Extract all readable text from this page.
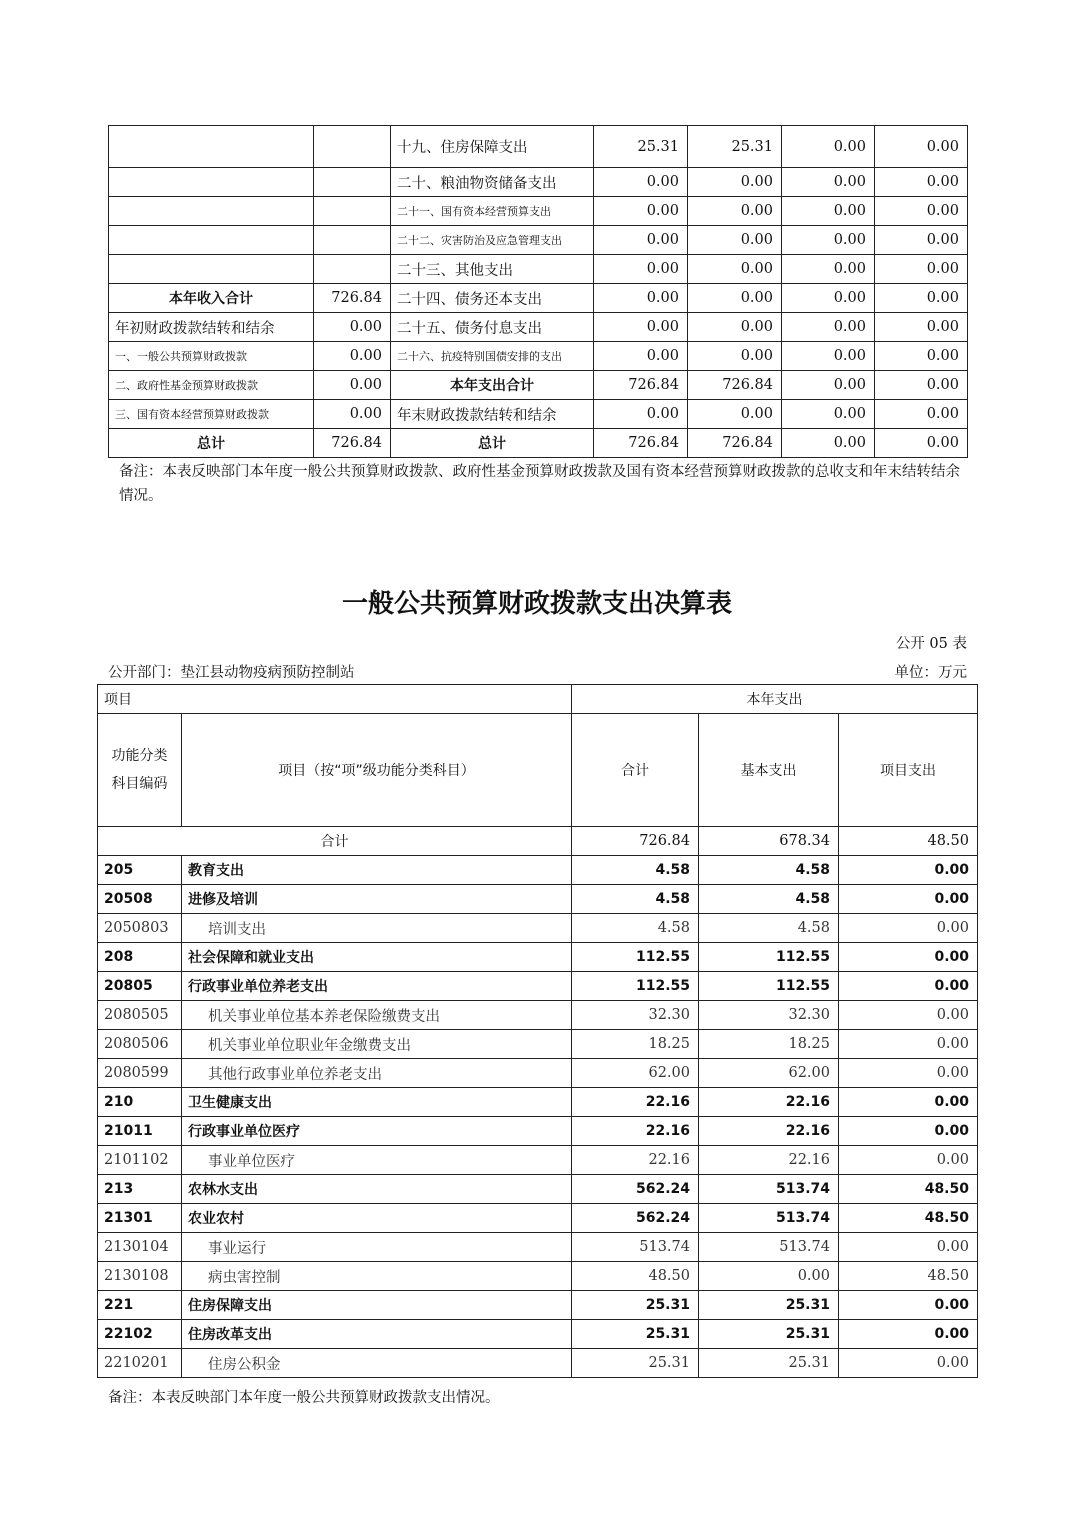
		十九、住房保障支出	25.31	25.31	0.00	0.00
		二十、粮油物资储备支出	0.00	0.00	0.00	0.00
		二十一、国有资本经营预算支出	0.00	0.00	0.00	0.00
		二十二、灾害防治及应急管理支出	0.00	0.00	0.00	0.00
		二十三、其他支出	0.00	0.00	0.00	0.00
本年收入合计	726.84	二十四、债务还本支出	0.00	0.00	0.00	0.00
年初财政拨款结转和结余	0.00	二十五、债务付息支出	0.00	0.00	0.00	0.00
一、一般公共预算财政拨款	0.00	二十六、抗疫特别国债安排的支出	0.00	0.00	0.00	0.00
二、政府性基金预算财政拨款	0.00	本年支出合计	726.84	726.84	0.00	0.00
三、国有资本经营预算财政拨款	0.00	年末财政拨款结转和结余	0.00	0.00	0.00	0.00
总计	726.84	总计	726.84	726.84	0.00	0.00
备注：本表反映部门本年度一般公共预算财政拨款、政府性基金预算财政拨款及国有资本经营预算财政拨款的总收支和年末结转结余情况。
一般公共预算财政拨款支出决算表
公开 05 表
公开部门：垫江县动物疫病预防控制站	单位：万元
项目		本年支出		
功能分类科目编码	项目（按“项”级功能分类科目）	合计	基本支出	项目支出
合计		726.84	678.34	48.50
205	教育支出	4.58	4.58	0.00
20508	进修及培训	4.58	4.58	0.00
2050803	培训支出	4.58	4.58	0.00
208	社会保障和就业支出	112.55	112.55	0.00
20805	行政事业单位养老支出	112.55	112.55	0.00
2080505	机关事业单位基本养老保险缴费支出	32.30	32.30	0.00
2080506	机关事业单位职业年金缴费支出	18.25	18.25	0.00
2080599	其他行政事业单位养老支出	62.00	62.00	0.00
210	卫生健康支出	22.16	22.16	0.00
21011	行政事业单位医疗	22.16	22.16	0.00
2101102	事业单位医疗	22.16	22.16	0.00
213	农林水支出	562.24	513.74	48.50
21301	农业农村	562.24	513.74	48.50
2130104	事业运行	513.74	513.74	0.00
2130108	病虫害控制	48.50	0.00	48.50
221	住房保障支出	25.31	25.31	0.00
22102	住房改革支出	25.31	25.31	0.00
2210201	住房公积金	25.31	25.31	0.00
备注：本表反映部门本年度一般公共预算财政拨款支出情况。
